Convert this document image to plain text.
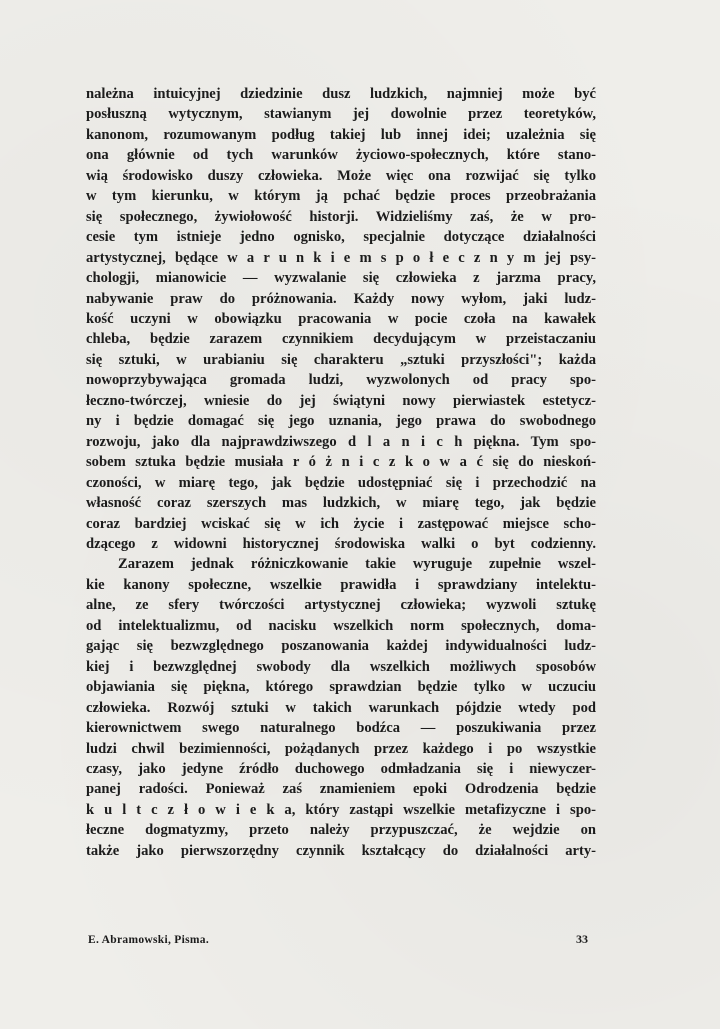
należna intuicyjnej dziedzinie dusz ludzkich, najmniej może być
posłuszną wytycznym, stawianym jej dowolnie przez teoretyków,
kanonom, rozumowanym podług takiej lub innej idei; uzależnia się
ona głównie od tych warunków życiowo-społecznych, które stano-
wią środowisko duszy człowieka. Może więc ona rozwijać się tylko
w tym kierunku, w którym ją pchać będzie proces przeobrażania
się społecznego, żywiołowość historji. Widzieliśmy zaś, że w pro-
cesie tym istnieje jedno ognisko, specjalnie dotyczące działalności
artystycznej, będące w a r u n k i e m s p o ł e c z n y m jej psy-
chologji, mianowicie — wyzwalanie się człowieka z jarzma pracy,
nabywanie praw do próżnowania. Każdy nowy wyłom, jaki ludz-
kość uczyni w obowiązku pracowania w pocie czoła na kawałek
chleba, będzie zarazem czynnikiem decydującym w przeistaczaniu
się sztuki, w urabianiu się charakteru „sztuki przyszłości"; każda
nowoprzybywająca gromada ludzi, wyzwolonych od pracy spo-
łeczno-twórczej, wniesie do jej świątyni nowy pierwiastek estetycz-
ny i będzie domagać się jego uznania, jego prawa do swobodnego
rozwoju, jako dla najprawdziwszego d l a n i c h piękna. Tym spo-
sobem sztuka będzie musiała r ó ż n i c z k o w a ć się do nieskoń-
czoności, w miarę tego, jak będzie udostępniać się i przechodzić na
własność coraz szerszych mas ludzkich, w miarę tego, jak będzie
coraz bardziej wciskać się w ich życie i zastępować miejsce scho-
dzącego z widowni historycznej środowiska walki o byt codzienny.
Zarazem jednak różniczkowanie takie wyruguje zupełnie wszel-
kie kanony społeczne, wszelkie prawidła i sprawdziany intelektu-
alne, ze sfery twórczości artystycznej człowieka; wyzwoli sztukę
od intelektualizmu, od nacisku wszelkich norm społecznych, doma-
gając się bezwzględnego poszanowania każdej indywidualności ludz-
kiej i bezwzględnej swobody dla wszelkich możliwych sposobów
objawiania się piękna, którego sprawdzian będzie tylko w uczuciu
człowieka. Rozwój sztuki w takich warunkach pójdzie wtedy pod
kierownictwem swego naturalnego bodźca — poszukiwania przez
ludzi chwil bezimienności, pożądanych przez każdego i po wszystkie
czasy, jako jedyne źródło duchowego odmładzania się i niewyczer-
panej radości. Ponieważ zaś znamieniem epoki Odrodzenia będzie
k u l t c z ł o w i e k a, który zastąpi wszelkie metafizyczne i spo-
łeczne dogmatyzmy, przeto należy przypuszczać, że wejdzie on
także jako pierwszorzędny czynnik kształcący do działalności arty-
E. Abramowski, Pisma.	33
